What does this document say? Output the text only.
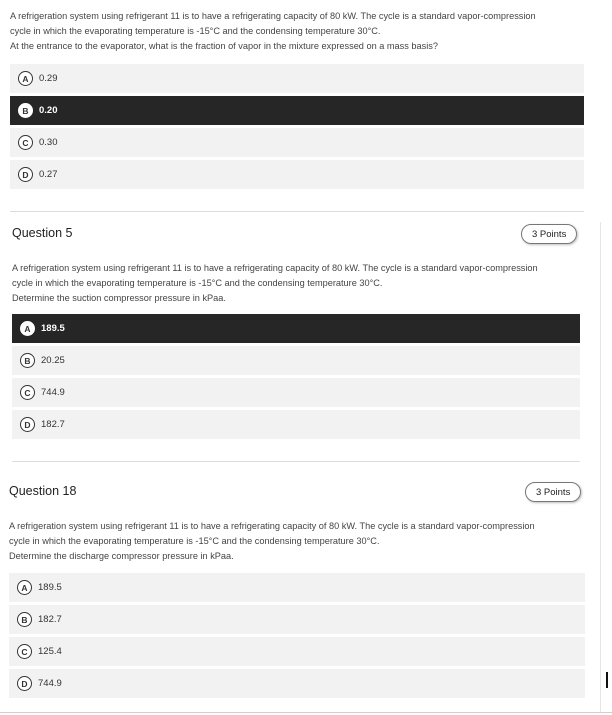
A refrigeration system using refrigerant 11 is to have a refrigerating capacity of 80 kW. The cycle is a standard vapor-compression
cycle in which the evaporating temperature is -15°C and the condensing temperature 30°C.
At the entrance to the evaporator, what is the fraction of vapor in the mixture expressed on a mass basis?
A	0.29
B	0.20
C	0.30
D	0.27
Question 5	3 Points
A refrigeration system using refrigerant 11 is to have a refrigerating capacity of 80 kW. The cycle is a standard vapor-compression
cycle in which the evaporating temperature is -15°C and the condensing temperature 30°C.
Determine the suction compressor pressure in kPaa.
A	189.5
B	20.25
C	744.9
D	182.7
Question 18	3 Points
A refrigeration system using refrigerant 11 is to have a refrigerating capacity of 80 kW. The cycle is a standard vapor-compression
cycle in which the evaporating temperature is -15°C and the condensing temperature 30°C.
Determine the discharge compressor pressure in kPaa.
A	189.5
B	182.7
C	125.4
D	744.9
